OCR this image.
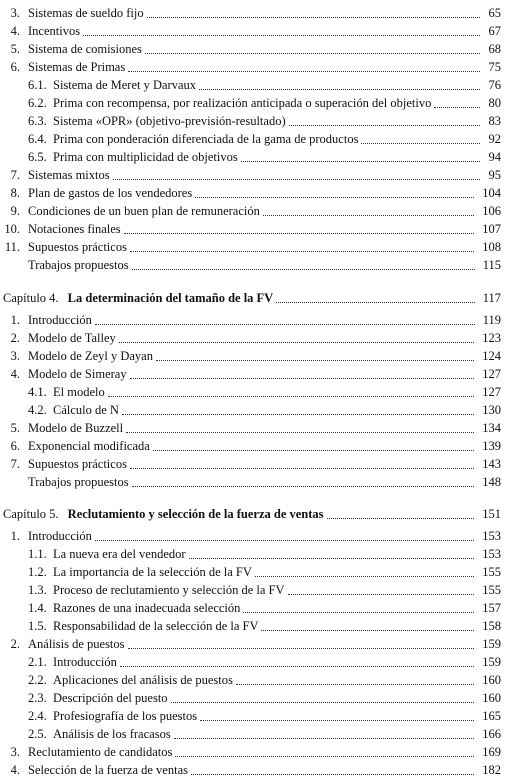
3. Sistemas de sueldo fijo	65
4. Incentivos	67
5. Sistema de comisiones	68
6. Sistemas de Primas	75
6.1. Sistema de Meret y Darvaux	76
6.2. Prima con recompensa, por realización anticipada o superación del objetivo	80
6.3. Sistema «OPR» (objetivo-previsión-resultado)	83
6.4. Prima con ponderación diferenciada de la gama de productos	92
6.5. Prima con multiplicidad de objetivos	94
7. Sistemas mixtos	95
8. Plan de gastos de los vendedores	104
9. Condiciones de un buen plan de remuneración	106
10. Notaciones finales	107
11. Supuestos prácticos	108
Trabajos propuestos	115
Capítulo 4. La determinación del tamaño de la FV	117
1. Introducción	119
2. Modelo de Talley	123
3. Modelo de Zeyl y Dayan	124
4. Modelo de Simeray	127
4.1. El modelo	127
4.2. Cálculo de N	130
5. Modelo de Buzzell	134
6. Exponencial modificada	139
7. Supuestos prácticos	143
Trabajos propuestos	148
Capítulo 5. Reclutamiento y selección de la fuerza de ventas	151
1. Introducción	153
1.1. La nueva era del vendedor	153
1.2. La importancia de la selección de la FV	155
1.3. Proceso de reclutamiento y selección de la FV	155
1.4. Razones de una inadecuada selección	157
1.5. Responsabilidad de la selección de la FV	158
2. Análisis de puestos	159
2.1. Introducción	159
2.2. Aplicaciones del análisis de puestos	160
2.3. Descripción del puesto	160
2.4. Profesiografía de los puestos	165
2.5. Análisis de los fracasos	166
3. Reclutamiento de candidatos	169
4. Selección de la fuerza de ventas	182
